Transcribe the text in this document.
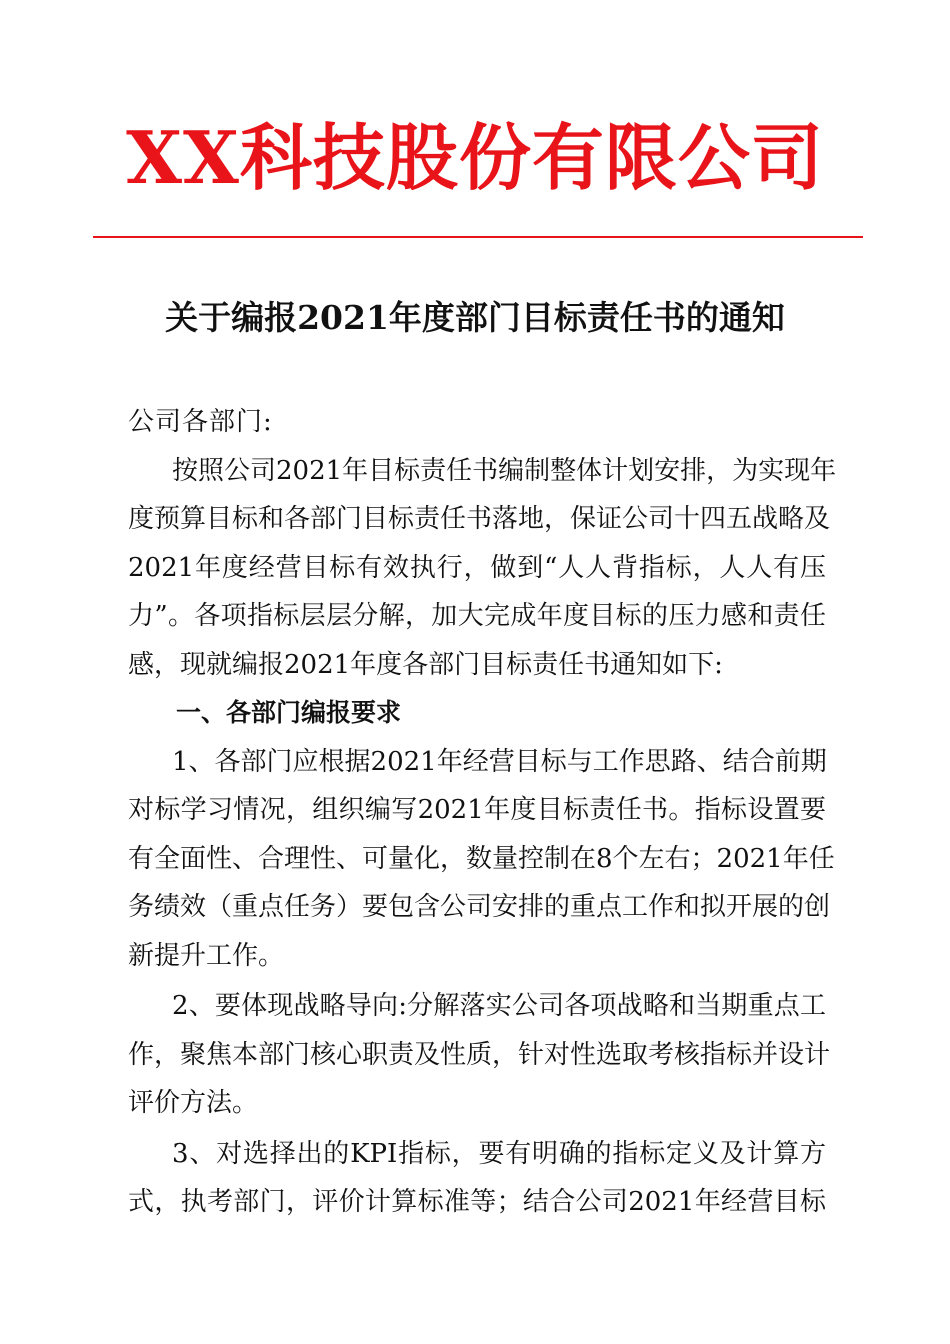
XX科技股份有限公司
关于编报2021年度部门目标责任书的通知
公司各部门:
按照公司2021年目标责任书编制整体计划安排，为实现年
度预算目标和各部门目标责任书落地，保证公司十四五战略及
2021年度经营目标有效执行，做到“人人背指标，人人有压
力”。各项指标层层分解，加大完成年度目标的压力感和责任
感，现就编报2021年度各部门目标责任书通知如下:
一、各部门编报要求
1、各部门应根据2021年经营目标与工作思路、结合前期
对标学习情况，组织编写2021年度目标责任书。指标设置要
有全面性、合理性、可量化，数量控制在8个左右；2021年任
务绩效（重点任务）要包含公司安排的重点工作和拟开展的创
新提升工作。
2、要体现战略导向:分解落实公司各项战略和当期重点工
作，聚焦本部门核心职责及性质，针对性选取考核指标并设计
评价方法。
3、对选择出的KPI指标，要有明确的指标定义及计算方
式，执考部门，评价计算标准等；结合公司2021年经营目标
